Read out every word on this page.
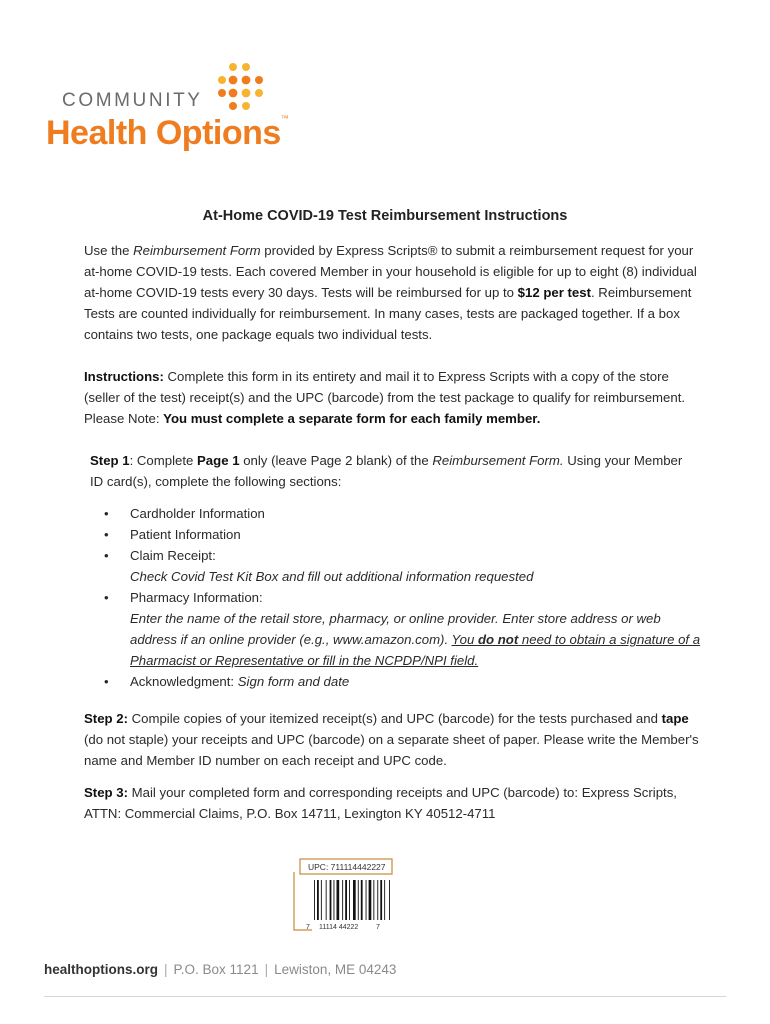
COMMUNITY
Health Options™
At-Home COVID-19 Test Reimbursement Instructions
Use the Reimbursement Form provided by Express Scripts® to submit a reimbursement request for your at-home COVID-19 tests. Each covered Member in your household is eligible for up to eight (8) individual at-home COVID-19 tests every 30 days. Tests will be reimbursed for up to $12 per test. Reimbursement Tests are counted individually for reimbursement. In many cases, tests are packaged together. If a box contains two tests, one package equals two individual tests.
Instructions: Complete this form in its entirety and mail it to Express Scripts with a copy of the store (seller of the test) receipt(s) and the UPC (barcode) from the test package to qualify for reimbursement. Please Note: You must complete a separate form for each family member.
Step 1: Complete Page 1 only (leave Page 2 blank) of the Reimbursement Form. Using your Member ID card(s), complete the following sections:
• Cardholder Information
• Patient Information
• Claim Receipt:
Check Covid Test Kit Box and fill out additional information requested
• Pharmacy Information:
Enter the name of the retail store, pharmacy, or online provider. Enter store address or web address if an online provider (e.g., www.amazon.com). You do not need to obtain a signature of a Pharmacist or Representative or fill in the NCPDP/NPI field.
• Acknowledgment: Sign form and date
Step 2: Compile copies of your itemized receipt(s) and UPC (barcode) for the tests purchased and tape (do not staple) your receipts and UPC (barcode) on a separate sheet of paper. Please write the Member's name and Member ID number on each receipt and UPC code.
Step 3: Mail your completed form and corresponding receipts and UPC (barcode) to: Express Scripts, ATTN: Commercial Claims, P.O. Box 14711, Lexington KY 40512-4711
UPC: 711114442227
7 11114 44222	7
healthoptions.org | P.O. Box 1121 | Lewiston, ME 04243
